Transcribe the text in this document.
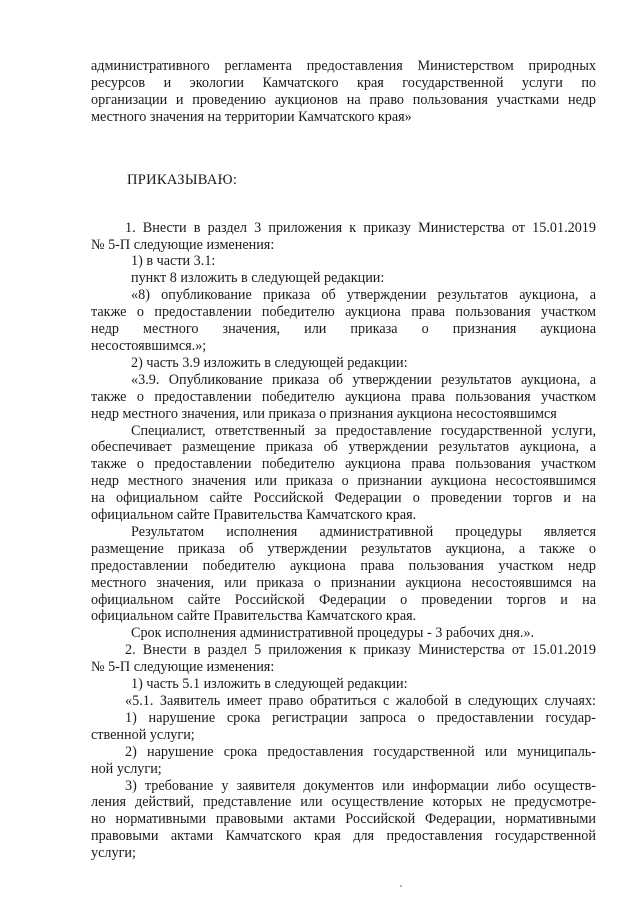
административного регламента предоставления Министерством природных
ресурсов и экологии Камчатского края государственной услуги по
организации и проведению аукционов на право пользования участками недр
местного значения на территории Камчатского края»
ПРИКАЗЫВАЮ:
1. Внести в раздел 3 приложения к приказу Министерства от 15.01.2019
№ 5-П следующие изменения:
1) в части 3.1:
пункт 8 изложить в следующей редакции:
«8) опубликование приказа об утверждении результатов аукциона, а
также о предоставлении победителю аукциона права пользования участком
недр местного значения, или приказа о признания аукциона
несостоявшимся.»;
2) часть 3.9 изложить в следующей редакции:
«3.9. Опубликование приказа об утверждении результатов аукциона, а
также о предоставлении победителю аукциона права пользования участком
недр местного значения, или приказа о признания аукциона несостоявшимся
Специалист, ответственный за предоставление государственной услуги,
обеспечивает размещение приказа об утверждении результатов аукциона, а
также о предоставлении победителю аукциона права пользования участком
недр местного значения или приказа о признании аукциона несостоявшимся
на официальном сайте Российской Федерации о проведении торгов и на
официальном сайте Правительства Камчатского края.
Результатом исполнения административной процедуры является
размещение приказа об утверждении результатов аукциона, а также о
предоставлении победителю аукциона права пользования участком недр
местного значения, или приказа о признании аукциона несостоявшимся на
официальном сайте Российской Федерации о проведении торгов и на
официальном сайте Правительства Камчатского края.
Срок исполнения административной процедуры - 3 рабочих дня.».
2. Внести в раздел 5 приложения к приказу Министерства от 15.01.2019
№ 5-П следующие изменения:
1) часть 5.1 изложить в следующей редакции:
«5.1. Заявитель имеет право обратиться с жалобой в следующих случаях:
1) нарушение срока регистрации запроса о предоставлении государ-
ственной услуги;
2) нарушение срока предоставления государственной или муниципаль-
ной услуги;
3) требование у заявителя документов или информации либо осуществ-
ления действий, представление или осуществление которых не предусмотре-
но нормативными правовыми актами Российской Федерации, нормативными
правовыми актами Камчатского края для предоставления государственной
услуги;
